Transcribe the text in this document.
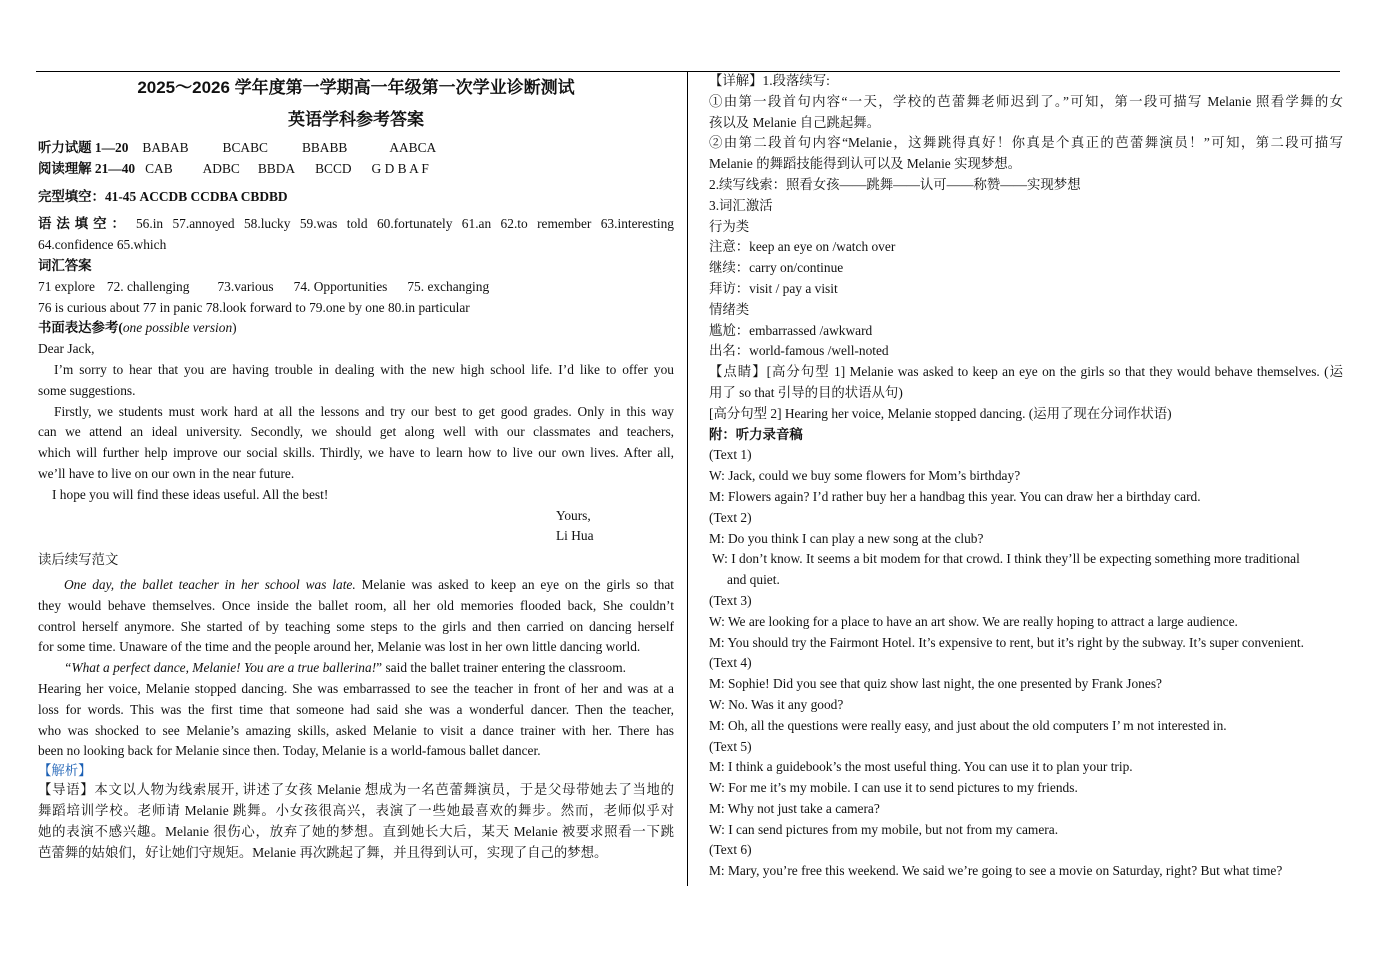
2025～2026 学年度第一学期高一年级第一次学业诊断测试
英语学科参考答案
听力试题 1—20 BABAB	BCABC	BBABB	AABCA
阅读理解 21—40 CAB ADBC BBDA BCCD G D B A F
完型填空：41-45 ACCDB CCDBA CBDBD
语法填空： 56.in 57.annoyed 58.lucky 59.was told 60.fortunately 61.an 62.to remember 63.interesting
64.confidence 65.which
词汇答案
71 explore 72. challenging 73.various 74. Opportunities 75. exchanging
76 is curious about 77 in panic 78.look forward to 79.one by one 80.in particular
书面表达参考(one possible version)
Dear Jack,
I’m sorry to hear that you are having trouble in dealing with the new high school life. I’d like to offer you
some suggestions.
Firstly, we students must work hard at all the lessons and try our best to get good grades. Only in this way
can we attend an ideal university. Secondly, we should get along well with our classmates and teachers,
which will further help improve our social skills. Thirdly, we have to learn how to live our own lives. After all,
we’ll have to live on our own in the near future.
I hope you will find these ideas useful. All the best!
Yours,
Li Hua
读后续写范文
One day, the ballet teacher in her school was late. Melanie was asked to keep an eye on the girls so that
they would behave themselves. Once inside the ballet room, all her old memories flooded back, She couldn’t
control herself anymore. She started of by teaching some steps to the girls and then carried on dancing herself
for some time. Unaware of the time and the people around her, Melanie was lost in her own little dancing world.
“What a perfect dance, Melanie! You are a true ballerina!” said the ballet trainer entering the classroom.
Hearing her voice, Melanie stopped dancing. She was embarrassed to see the teacher in front of her and was at a
loss for words. This was the first time that someone had said she was a wonderful dancer. Then the teacher,
who was shocked to see Melanie’s amazing skills, asked Melanie to visit a dance trainer with her. There has
been no looking back for Melanie since then. Today, Melanie is a world-famous ballet dancer.
【解析】
【导语】本文以人物为线索展开, 讲述了女孩 Melanie 想成为一名芭蕾舞演员，于是父母带她去了当地的
舞蹈培训学校。老师请 Melanie 跳舞。小女孩很高兴，表演了一些她最喜欢的舞步。然而，老师似乎对
她的表演不感兴趣。Melanie 很伤心，放弃了她的梦想。直到她长大后，某天 Melanie 被要求照看一下跳
芭蕾舞的姑娘们，好让她们守规矩。Melanie 再次跳起了舞，并且得到认可，实现了自己的梦想。
【详解】1.段落续写:
①由第一段首句内容“一天，学校的芭蕾舞老师迟到了。”可知，第一段可描写 Melanie 照看学舞的女
孩以及 Melanie 自己跳起舞。
②由第二段首句内容“Melanie，这舞跳得真好！你真是个真正的芭蕾舞演员！”可知，第二段可描写
Melanie 的舞蹈技能得到认可以及 Melanie 实现梦想。
2.续写线索：照看女孩——跳舞——认可——称赞——实现梦想
3.词汇激活
行为类
注意：keep an eye on /watch over
继续：carry on/continue
拜访：visit / pay a visit
情绪类
尴尬：embarrassed /awkward
出名：world-famous /well-noted
【点睛】[高分句型 1] Melanie was asked to keep an eye on the girls so that they would behave themselves. (运
用了 so that 引导的目的状语从句)
[高分句型 2] Hearing her voice, Melanie stopped dancing. (运用了现在分词作状语)
附：听力录音稿
(Text 1)
W: Jack, could we buy some flowers for Mom’s birthday?
M: Flowers again? I’d rather buy her a handbag this year. You can draw her a birthday card.
(Text 2)
M: Do you think I can play a new song at the club?
W: I don’t know. It seems a bit modem for that crowd. I think they’ll be expecting something more traditional
and quiet.
(Text 3)
W: We are looking for a place to have an art show. We are really hoping to attract a large audience.
M: You should try the Fairmont Hotel. It’s expensive to rent, but it’s right by the subway. It’s super convenient.
(Text 4)
M: Sophie! Did you see that quiz show last night, the one presented by Frank Jones?
W: No. Was it any good?
M: Oh, all the questions were really easy, and just about the old computers I’ m not interested in.
(Text 5)
M: I think a guidebook’s the most useful thing. You can use it to plan your trip.
W: For me it’s my mobile. I can use it to send pictures to my friends.
M: Why not just take a camera?
W: I can send pictures from my mobile, but not from my camera.
(Text 6)
M: Mary, you’re free this weekend. We said we’re going to see a movie on Saturday, right? But what time?
